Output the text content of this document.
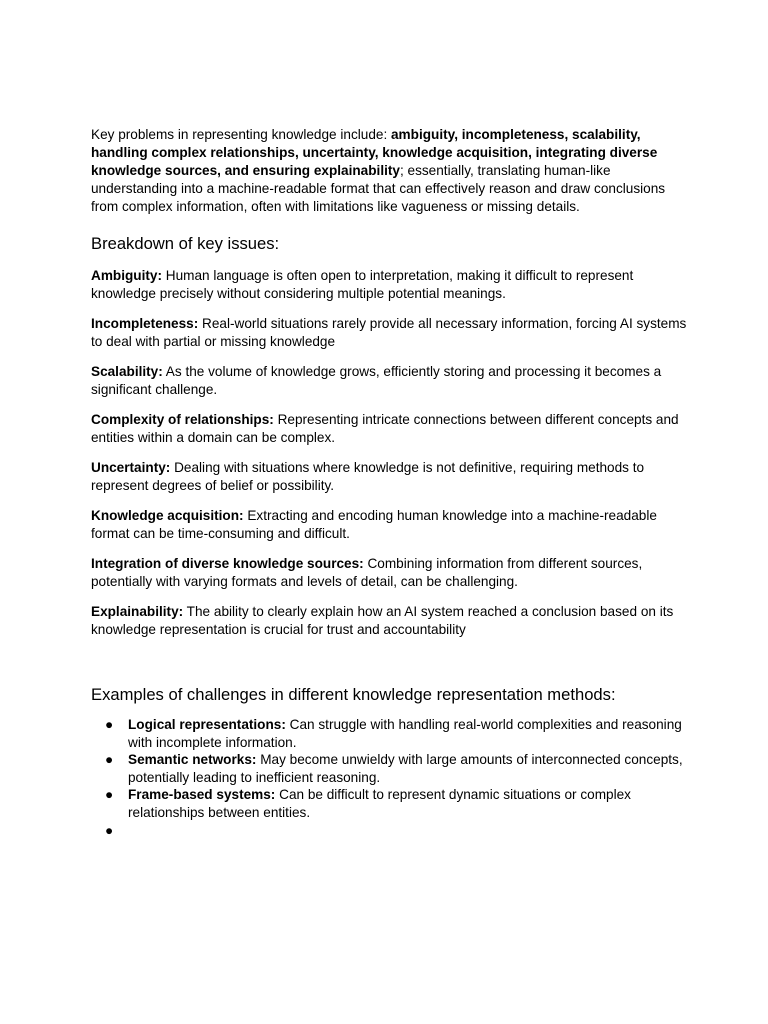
Key problems in representing knowledge include: ambiguity, incompleteness, scalability, handling complex relationships, uncertainty, knowledge acquisition, integrating diverse knowledge sources, and ensuring explainability; essentially, translating human-like understanding into a machine-readable format that can effectively reason and draw conclusions from complex information, often with limitations like vagueness or missing details.

Breakdown of key issues:

Ambiguity: Human language is often open to interpretation, making it difficult to represent knowledge precisely without considering multiple potential meanings.

Incompleteness: Real-world situations rarely provide all necessary information, forcing AI systems to deal with partial or missing knowledge

Scalability: As the volume of knowledge grows, efficiently storing and processing it becomes a significant challenge.

Complexity of relationships: Representing intricate connections between different concepts and entities within a domain can be complex.

Uncertainty: Dealing with situations where knowledge is not definitive, requiring methods to represent degrees of belief or possibility.

Knowledge acquisition: Extracting and encoding human knowledge into a machine-readable format can be time-consuming and difficult.

Integration of diverse knowledge sources: Combining information from different sources, potentially with varying formats and levels of detail, can be challenging.

Explainability: The ability to clearly explain how an AI system reached a conclusion based on its knowledge representation is crucial for trust and accountability

Examples of challenges in different knowledge representation methods:
● Logical representations: Can struggle with handling real-world complexities and reasoning with incomplete information.
● Semantic networks: May become unwieldy with large amounts of interconnected concepts, potentially leading to inefficient reasoning.
● Frame-based systems: Can be difficult to represent dynamic situations or complex relationships between entities.
●
